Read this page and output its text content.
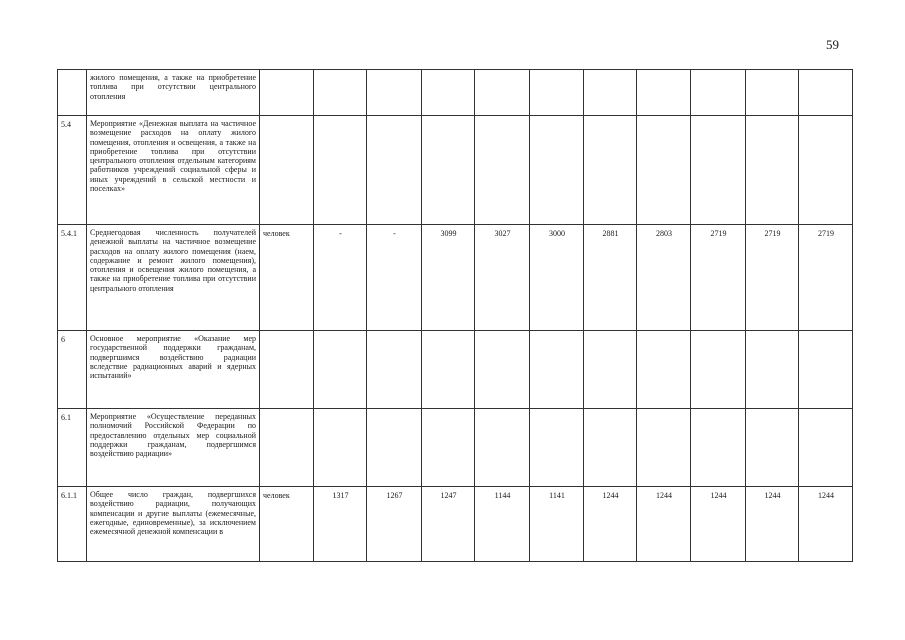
59
	жилого помещения, а также на приобретение топлива при отсутствии центрального отопления											
5.4	Мероприятие «Денежная выплата на частичное возмещение расходов на оплату жилого помещения, отопления и освещения, а также на приобретение топлива при отсутствии центрального отопления отдельным категориям работников учреждений социальной сферы и иных учреждений в сельской местности и поселках»											
5.4.1	Среднегодовая численность получателей денежной выплаты на частичное возмещение расходов на оплату жилого помещения (наем, содержание и ремонт жилого помещения), отопления и освещения жилого помещения, а также на приобретение топлива при отсутствии центрального отопления	человек	-	-	3099	3027	3000	2881	2803	2719	2719	2719
6	Основное мероприятие «Оказание мер государственной поддержки гражданам, подвергшимся воздействию радиации вследствие радиационных аварий и ядерных испытаний»											
6.1	Мероприятие «Осуществление переданных полномочий Российской Федерации по предоставлению отдельных мер социальной поддержки гражданам, подвергшимся воздействию радиации»											
6.1.1	Общее число граждан, подвергшихся воздействию радиации, получающих компенсации и другие выплаты (ежемесячные, ежегодные, единовременные), за исключением ежемесячной денежной компенсации в	человек	1317	1267	1247	1144	1141	1244	1244	1244	1244	1244
